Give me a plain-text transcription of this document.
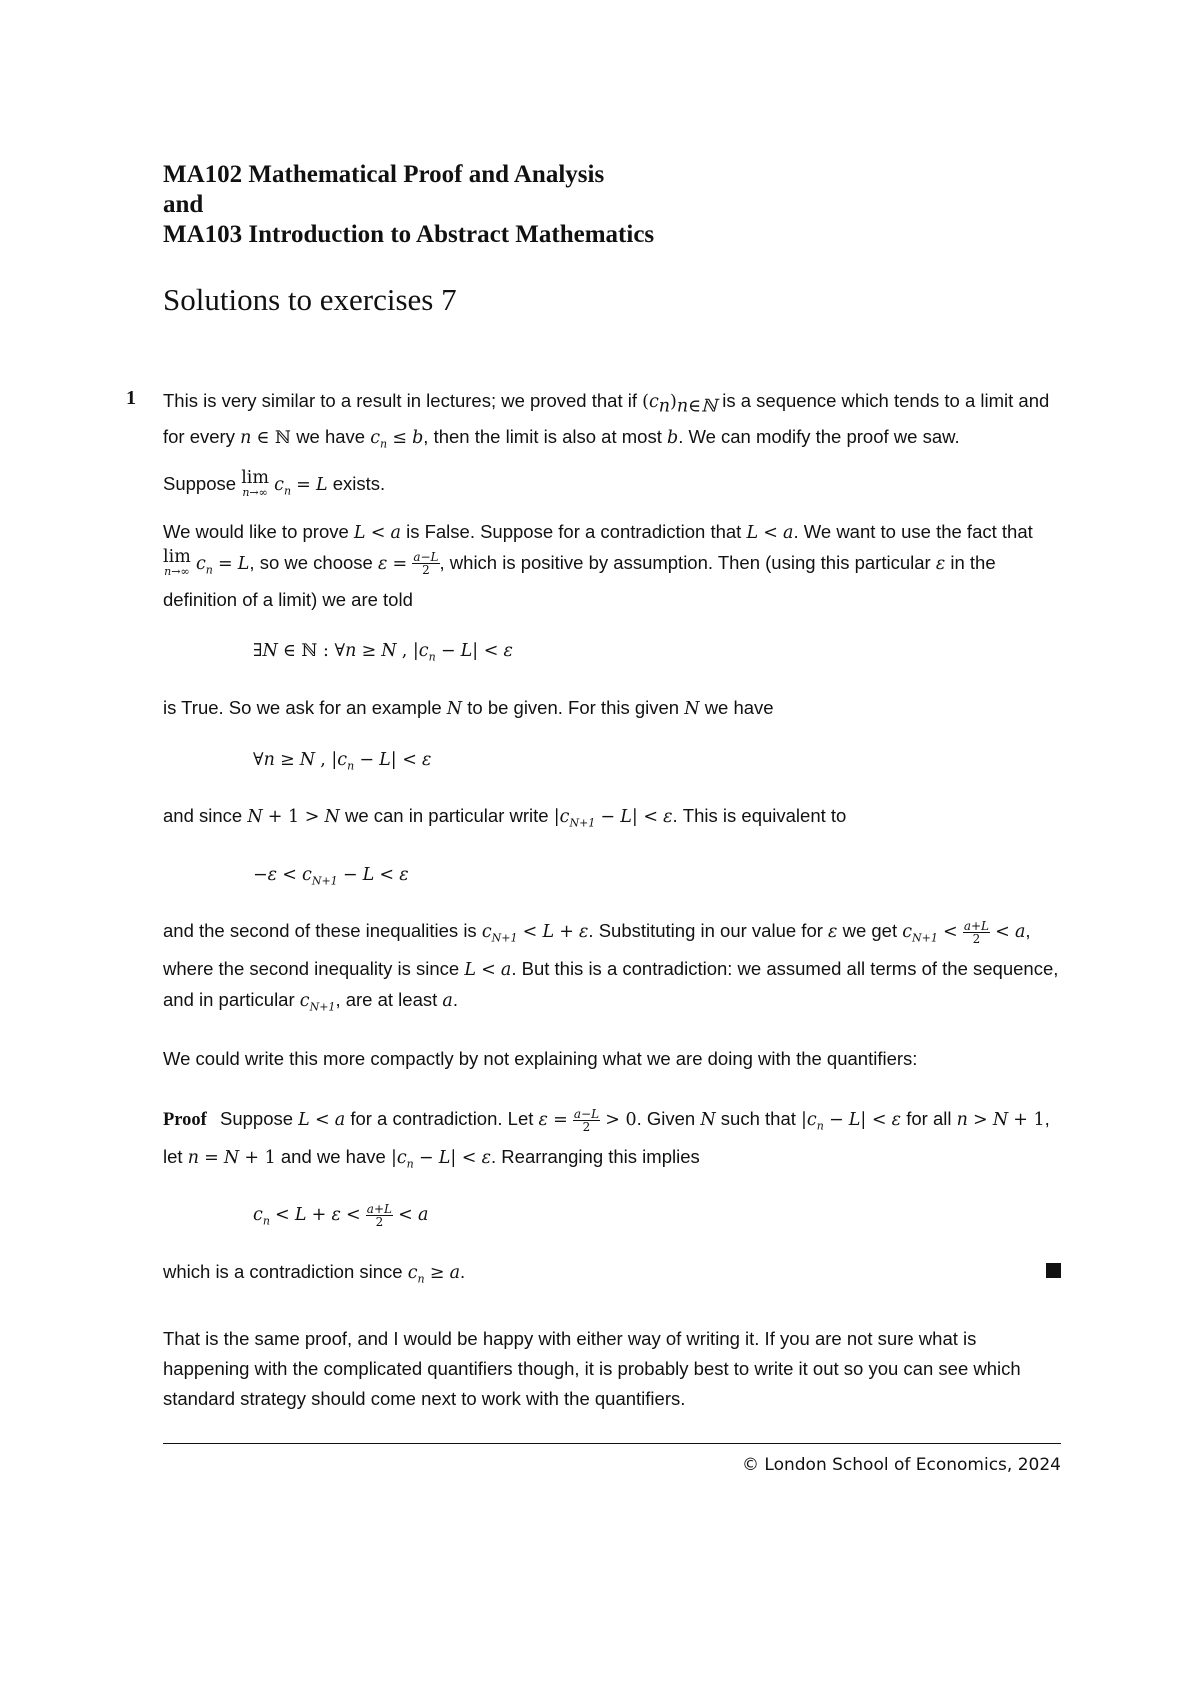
MA102 Mathematical Proof and Analysis
and
MA103 Introduction to Abstract Mathematics
Solutions to exercises 7
1 This is very similar to a result in lectures; we proved that if $(c_n)_{n\in ℕ}$ is a sequence which tends to a limit and for every n ∈ ℕ we have $c_n \le b$, then the limit is also at most b. We can modify the proof we saw.

Suppose lim
n→∞ $c_n = L$ exists.

We would like to prove L < a is False. Suppose for a contradiction that L < a. We want to use the fact that lim
n→∞ $c_n = L$, so we choose $\varepsilon = \frac{a-L}{2}$ , which is positive by assumption. Then (using this particular ε in the definition of a limit) we are told

∃N ∈ ℕ : ∀n ≥ N , $|c_n - L| < \varepsilon$

is True. So we ask for an example N to be given. For this given N we have

∀n ≥ N , $|c_n - L| < \varepsilon$

and since N + 1 > N we can in particular write $|c_{N+1} - L| < \varepsilon$. This is equivalent to

$-\varepsilon < c_{N+1} - L < \varepsilon$

and the second of these inequalities is $c_{N+1} < L + \varepsilon$. Substituting in our value for ε we get $c_{N+1} < \frac{a+L}{2} < a$, where the second inequality is since L < a. But this is a contradiction: we assumed all terms of the sequence, and in particular $c_{N+1}$, are at least a.

We could write this more compactly by not explaining what we are doing with the quantifiers:

Proof Suppose L < a for a contradiction. Let $\varepsilon = \frac{a-L}{2} > 0$. Given N such that $|c_n - L| < \varepsilon$ for all n > N + 1, let n = N + 1 and we have $|c_n - L| < \varepsilon$. Rearranging this implies

$c_n < L + \varepsilon < \frac{a+L}{2} < a$

which is a contradiction since $c_n \ge a$.

That is the same proof, and I would be happy with either way of writing it. If you are not sure what is happening with the complicated quantifiers though, it is probably best to write it out so you can see which standard strategy should come next to work with the quantifiers.

© London School of Economics, 2024
